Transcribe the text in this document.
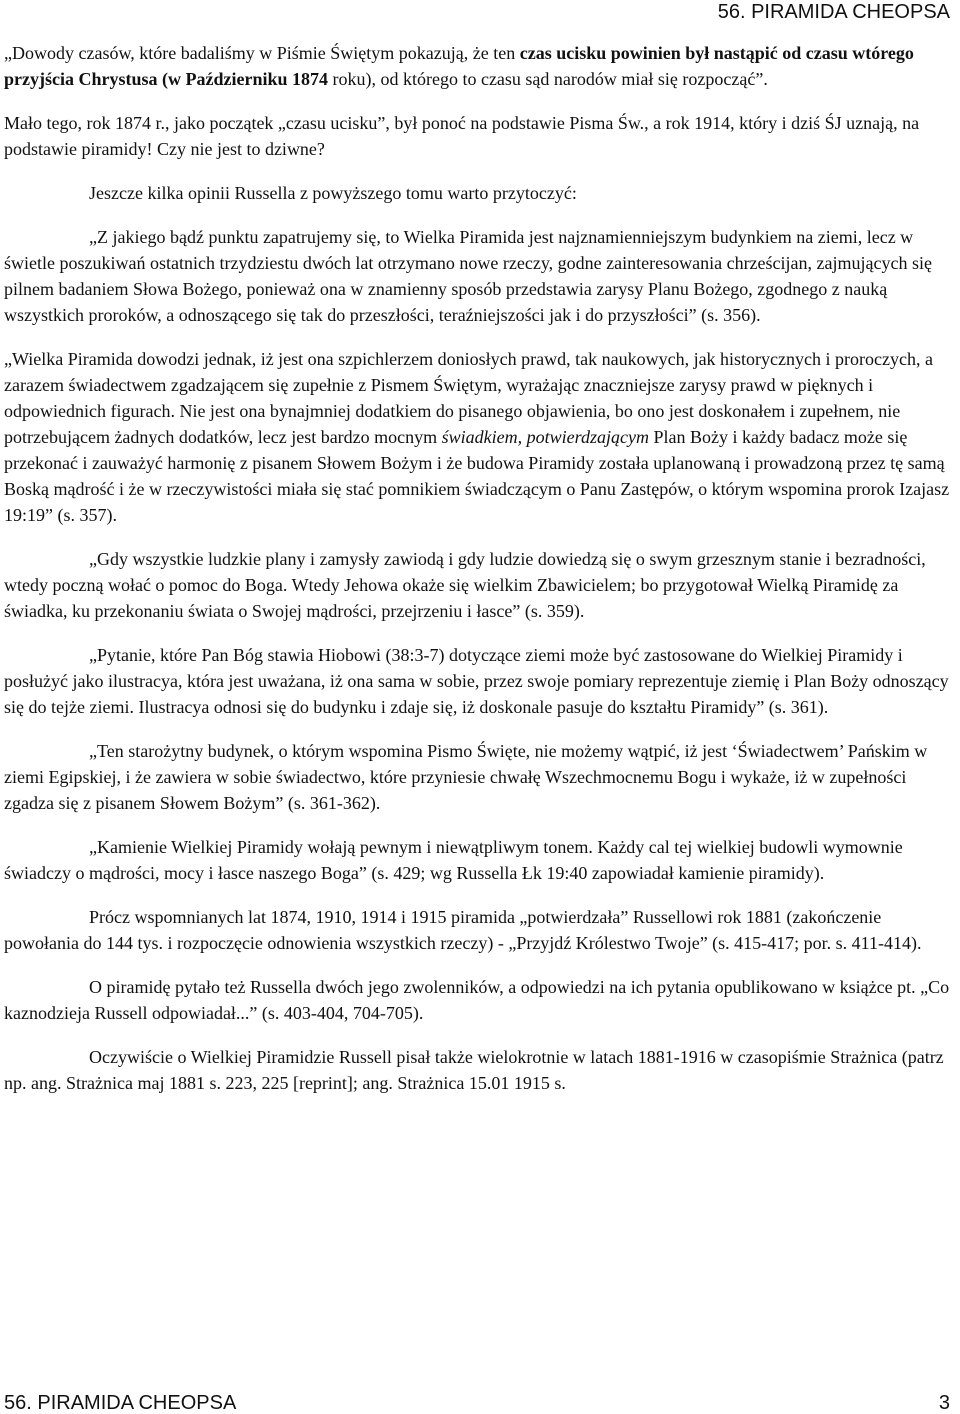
56. PIRAMIDA CHEOPSA

„Dowody czasów, które badaliśmy w Piśmie Świętym pokazują, że ten czas ucisku powinien był nastąpić od czasu wtórego przyjścia Chrystusa (w Październiku 1874 roku), od którego to czasu sąd narodów miał się rozpocząć”.

Mało tego, rok 1874 r., jako początek „czasu ucisku”, był ponoć na podstawie Pisma Św., a rok 1914, który i dziś ŚJ uznają, na podstawie piramidy! Czy nie jest to dziwne?

Jeszcze kilka opinii Russella z powyższego tomu warto przytoczyć:

„Z jakiego bądź punktu zapatrujemy się, to Wielka Piramida jest najznamienniejszym budynkiem na ziemi, lecz w świetle poszukiwań ostatnich trzydziestu dwóch lat otrzymano nowe rzeczy, godne zainteresowania chrześcijan, zajmujących się pilnem badaniem Słowa Bożego, ponieważ ona w znamienny sposób przedstawia zarysy Planu Bożego, zgodnego z nauką wszystkich proroków, a odnoszącego się tak do przeszłości, teraźniejszości jak i do przyszłości” (s. 356).

„Wielka Piramida dowodzi jednak, iż jest ona szpichlerzem doniosłych prawd, tak naukowych, jak historycznych i proroczych, a zarazem świadectwem zgadzającem się zupełnie z Pismem Świętym, wyrażając znaczniejsze zarysy prawd w pięknych i odpowiednich figurach. Nie jest ona bynajmniej dodatkiem do pisanego objawienia, bo ono jest doskonałem i zupełnem, nie potrzebującem żadnych dodatków, lecz jest bardzo mocnym świadkiem, potwierdzającym Plan Boży i każdy badacz może się przekonać i zauważyć harmonię z pisanem Słowem Bożym i że budowa Piramidy została uplanowaną i prowadzoną przez tę samą Boską mądrość i że w rzeczywistości miała się stać pomnikiem świadczącym o Panu Zastępów, o którym wspomina prorok Izajasz 19:19” (s. 357).

„Gdy wszystkie ludzkie plany i zamysły zawiodą i gdy ludzie dowiedzą się o swym grzesznym stanie i bezradności, wtedy poczną wołać o pomoc do Boga. Wtedy Jehowa okaże się wielkim Zbawicielem; bo przygotował Wielką Piramidę za świadka, ku przekonaniu świata o Swojej mądrości, przejrzeniu i łasce” (s. 359).

„Pytanie, które Pan Bóg stawia Hiobowi (38:3-7) dotyczące ziemi może być zastosowane do Wielkiej Piramidy i posłużyć jako ilustracya, która jest uważana, iż ona sama w sobie, przez swoje pomiary reprezentuje ziemię i Plan Boży odnoszący się do tejże ziemi. Ilustracya odnosi się do budynku i zdaje się, iż doskonale pasuje do kształtu Piramidy” (s. 361).

„Ten starożytny budynek, o którym wspomina Pismo Święte, nie możemy wątpić, iż jest ‘Świadectwem’ Pańskim w ziemi Egipskiej, i że zawiera w sobie świadectwo, które przyniesie chwałę Wszechmocnemu Bogu i wykaże, iż w zupełności zgadza się z pisanem Słowem Bożym” (s. 361-362).

„Kamienie Wielkiej Piramidy wołają pewnym i niewątpliwym tonem. Każdy cal tej wielkiej budowli wymownie świadczy o mądrości, mocy i łasce naszego Boga” (s. 429; wg Russella Łk 19:40 zapowiadał kamienie piramidy).

Prócz wspomnianych lat 1874, 1910, 1914 i 1915 piramida „potwierdzała” Russellowi rok 1881 (zakończenie powołania do 144 tys. i rozpoczęcie odnowienia wszystkich rzeczy) - „Przyjdź Królestwo Twoje” (s. 415-417; por. s. 411-414).

O piramidę pytało też Russella dwóch jego zwolenników, a odpowiedzi na ich pytania opublikowano w książce pt. „Co kaznodzieja Russell odpowiadał...” (s. 403-404, 704-705).

Oczywiście o Wielkiej Piramidzie Russell pisał także wielokrotnie w latach 1881-1916 w czasopiśmie Strażnica (patrz np. ang. Strażnica maj 1881 s. 223, 225 [reprint]; ang. Strażnica 15.01 1915 s.

56. PIRAMIDA CHEOPSA	3
